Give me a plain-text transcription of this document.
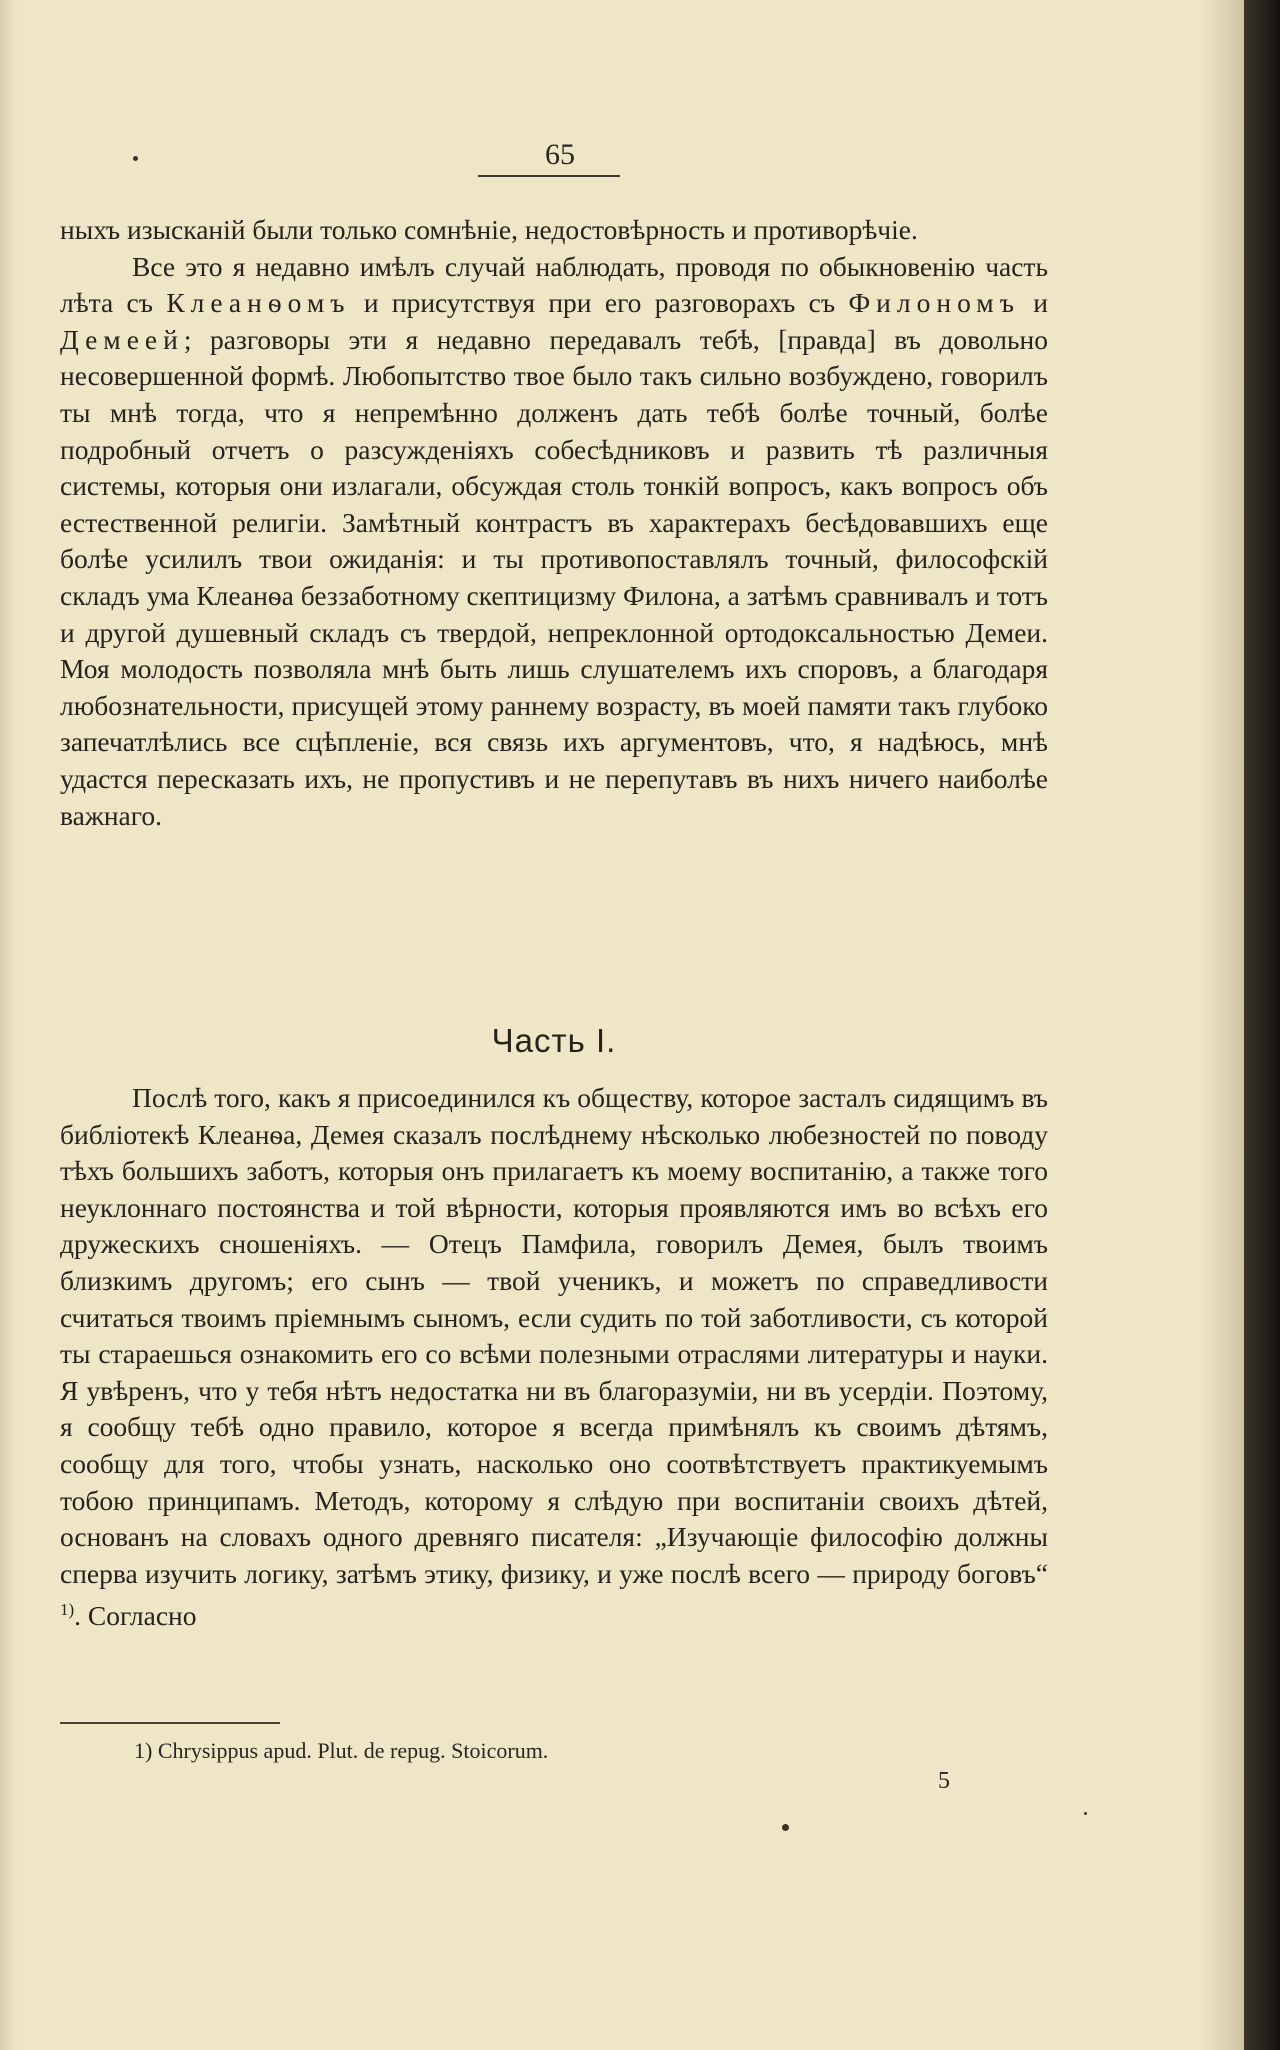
65

ныхъ изысканій были только сомнѣніе, недостовѣрность и противорѣчіе.

Все это я недавно имѣлъ случай наблюдать, проводя по обыкновенію часть лѣта съ Клеанѳомъ и присутствуя при его разговорахъ съ Филономъ и Демеей; разговоры эти я недавно передавалъ тебѣ, [правда] въ довольно несовершенной формѣ. Любопытство твое было такъ сильно возбуждено, говорилъ ты мнѣ тогда, что я непремѣнно долженъ дать тебѣ болѣе точный, болѣе подробный отчетъ о разсужденіяхъ собесѣдниковъ и развить тѣ различныя системы, которыя они излагали, обсуждая столь тонкій вопросъ, какъ вопросъ объ естественной религіи. Замѣтный контрастъ въ характерахъ бесѣдовавшихъ еще болѣе усилилъ твои ожиданія: и ты противопоставлялъ точный, философскій складъ ума Клеанѳа беззаботному скептицизму Филона, а затѣмъ сравнивалъ и тотъ и другой душевный складъ съ твердой, непреклонной ортодоксальностью Демеи. Моя молодость позволяла мнѣ быть лишь слушателемъ ихъ споровъ, а благодаря любознательности, присущей этому раннему возрасту, въ моей памяти такъ глубоко запечатлѣлись все сцѣпленіе, вся связь ихъ аргументовъ, что, я надѣюсь, мнѣ удастся пересказать ихъ, не пропустивъ и не перепутавъ въ нихъ ничего наиболѣе важнаго.

Часть I.

Послѣ того, какъ я присоединился къ обществу, которое засталъ сидящимъ въ библіотекѣ Клеанѳа, Демея сказалъ послѣднему нѣсколько любезностей по поводу тѣхъ большихъ заботъ, которыя онъ прилагаетъ къ моему воспитанію, а также того неуклоннаго постоянства и той вѣрности, которыя проявляются имъ во всѣхъ его дружескихъ сношеніяхъ. — Отецъ Памфила, говорилъ Демея, былъ твоимъ близкимъ другомъ; его сынъ — твой ученикъ, и можетъ по справедливости считаться твоимъ пріемнымъ сыномъ, если судить по той заботливости, съ которой ты стараешься ознакомить его со всѣми полезными отраслями литературы и науки. Я увѣренъ, что у тебя нѣтъ недостатка ни въ благоразумiи, ни въ усердіи. Поэтому, я сообщу тебѣ одно правило, которое я всегда примѣнялъ къ своимъ дѣтямъ, сообщу для того, чтобы узнать, насколько оно соотвѣтствуетъ практикуемымъ тобою принципамъ. Методъ, которому я слѣдую при воспитаніи своихъ дѣтей, основанъ на словахъ одного древняго писателя: „Изучающіе философію должны сперва изучить логику, затѣмъ этику, физику, и уже послѣ всего — природу боговъ“ $^{1)}$. Согласно

1) Chrysippus apud. Plut. de repug. Stoicorum.
5
